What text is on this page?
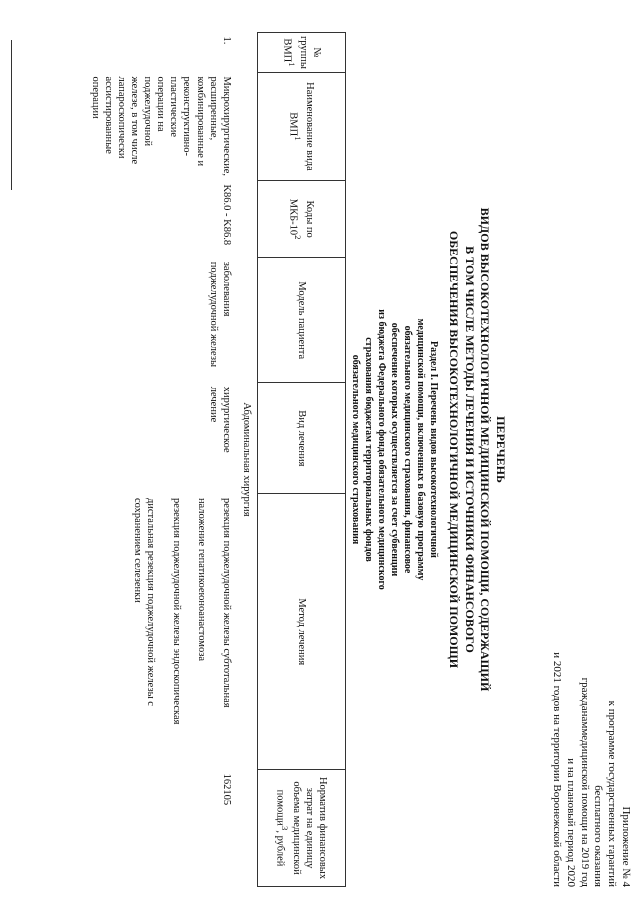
Приложение № 4
к программе государственных гарантий
бесплатного оказания
гражданаммедицинской помощи на 2019 год
и на плановый период 2020
и 2021 годов на территории Воронежской области
ПЕРЕЧЕНЬ
ВИДОВ ВЫСОКОТЕХНОЛОГИЧНОЙ МЕДИЦИНСКОЙ ПОМОЩИ, СОДЕРЖАЩИЙ
В ТОМ ЧИСЛЕ МЕТОДЫ ЛЕЧЕНИЯ И ИСТОЧНИКИ ФИНАНСОВОГО
ОБЕСПЕЧЕНИЯ ВЫСОКОТЕХНОЛОГИЧНОЙ МЕДИЦИНСКОЙ ПОМОЩИ
Раздел I. Перечень видов высокотехнологичной
медицинской помощи, включенных в базовую программу
обязательного медицинского страхования, финансовое
обеспечение которых осуществляется за счет субвенции
из бюджета Федерального фонда обязательного медицинского
страхования бюджетам территориальных фондов
обязательного медицинского страхования
№ группы ВМП$^1$	Наименование вида ВМП$^1$	Коды по МКБ-$10^2$	Модель пациента	Вид лечения	Метод лечения	Норматив финансовых затрат на единицу объема медицинской помощи$^3$, рублей
Абдоминальная хирургия						
1.	Микрохирургические, расширенные, комбинированные и реконструктивно-пластические операции на поджелудочной железе, в том числе лапароскопически ассистированные операции	K86.0 - K86.8	заболевания поджелудочной железы	хирургическое лечение	резекция поджелудочной железы субтотальная
наложение гепатикоеюноанастомоза
резекция поджелудочной железы эндоскопическая
дистальная резекция поджелудочной железы с сохранением селезенки	162105
